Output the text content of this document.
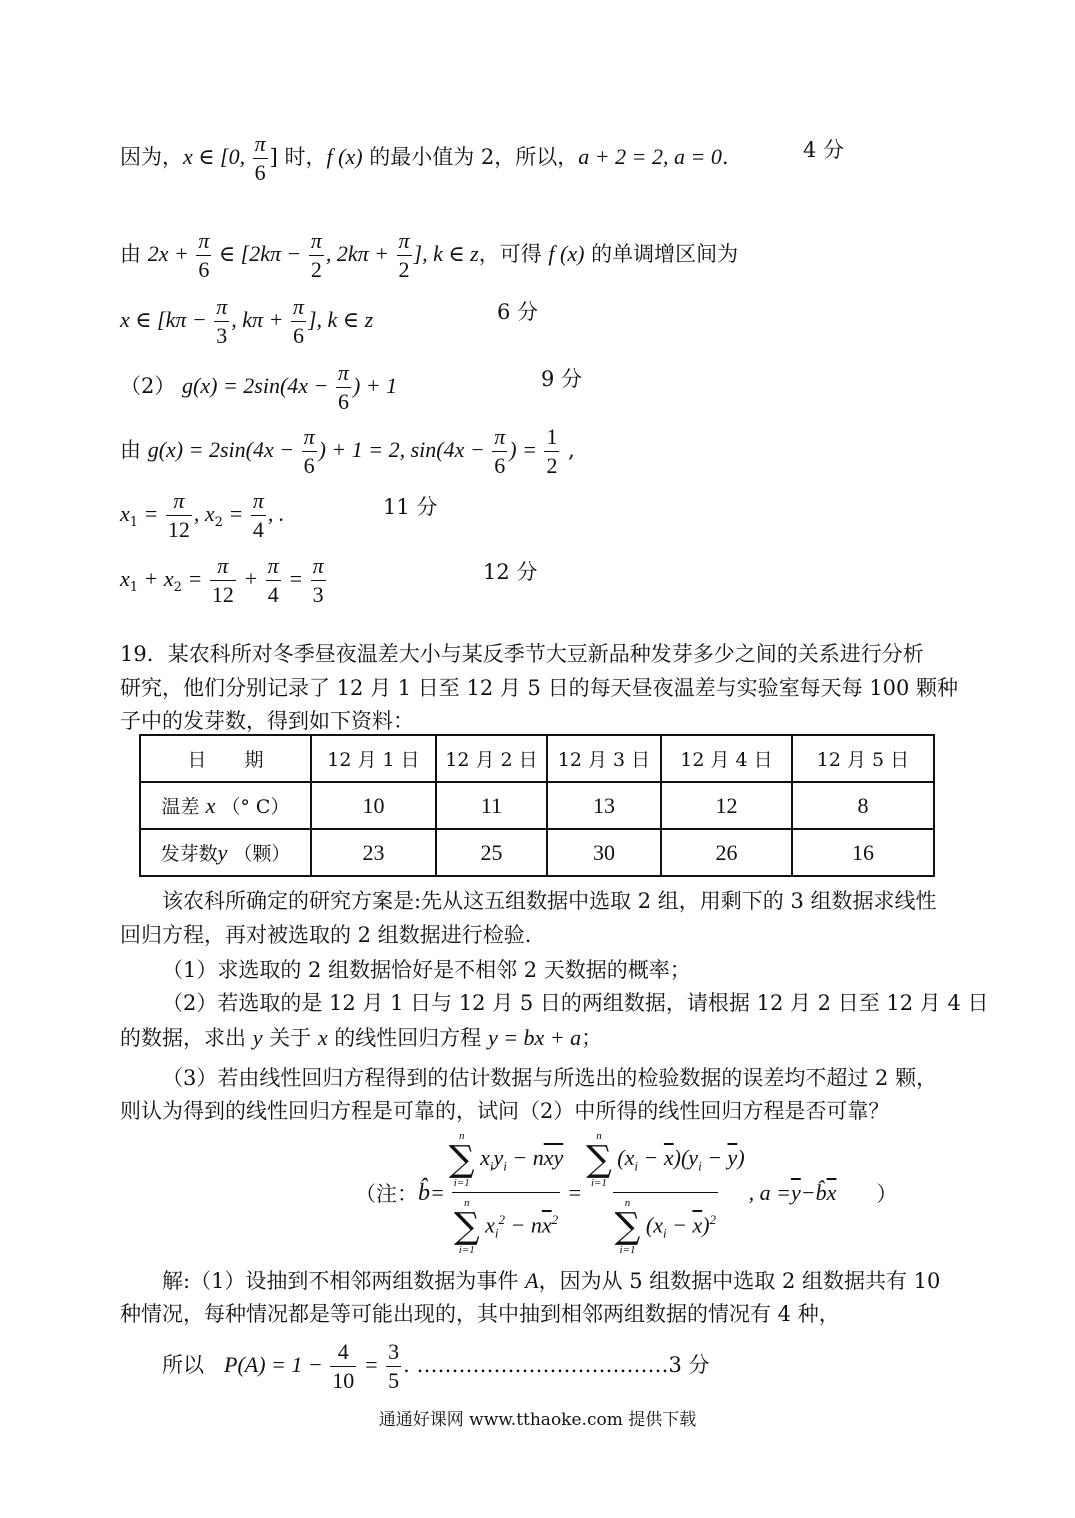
因为，x ∈ [0, $\frac{\pi}{6}$ ] 时，f (x) 的最小值为 2，所以，a + 2 = 2, a = 0.	4 分
由 $2x + \frac{\pi}{6}$ ∈ [$2k\pi - \frac{\pi}{2}$ , $2k\pi + \frac{\pi}{2}$ ], k ∈ z，可得 f (x) 的单调增区间为
x ∈ [$k\pi - \frac{\pi}{3}$ , $k\pi + \frac{\pi}{6}$ ], k ∈ z	6 分
（2） $g(x) = 2\sin(4x - \frac{\pi}{6}$ ) + 1	9 分
由 $g(x) = 2\sin(4x - \frac{\pi}{6}$ ) + 1 = 2, $\sin(4x - \frac{\pi}{6}$ ) = $\frac{1}{2}$ ,
$x_1 = \frac{\pi}{12}$ , $x_2 = \frac{\pi}{4}$ , .	11 分
$x_1 + x_2 = \frac{\pi}{12} + \frac{\pi}{4} = \frac{\pi}{3}$	12 分
19．某农科所对冬季昼夜温差大小与某反季节大豆新品种发芽多少之间的关系进行分析
研究，他们分别记录了 12 月 1 日至 12 月 5 日的每天昼夜温差与实验室每天每 100 颗种
子中的发芽数，得到如下资料：
日　　期	12 月 1 日	12 月 2 日	12 月 3 日	12 月 4 日	12 月 5 日
温差 x （° C）	10	11	13	12	8
发芽数y （颗）	23	25	30	26	16
该农科所确定的研究方案是:先从这五组数据中选取 2 组，用剩下的 3 组数据求线性
回归方程，再对被选取的 2 组数据进行检验.
（1）求选取的 2 组数据恰好是不相邻 2 天数据的概率；
（2）若选取的是 12 月 1 日与 12 月 5 日的两组数据，请根据 12 月 2 日至 12 月 4 日
的数据，求出 y 关于 x 的线性回归方程 y = bx + a；
（3）若由线性回归方程得到的估计数据与所选出的检验数据的误差均不超过 2 颗，
则认为得到的线性回归方程是可靠的，试问（2）中所得的线性回归方程是否可靠？
（注： b̂ = n
∑
i=1
$x_iy_i - n\overline{x}\overline{y}$
n
∑
i=1
$x_i^2 - n\overline{x}^2 = n$
∑
i=1
$(x_i - \overline{x})(y_i - \overline{y})$
n
∑
i=1
$(x_i - \overline{x})^2$ , $a = \overline{y}$ − b̂ $\overline{x}$ ）
解:（1）设抽到不相邻两组数据为事件 A，因为从 5 组数据中选取 2 组数据共有 10
种情况，每种情况都是等可能出现的，其中抽到相邻两组数据的情况有 4 种，
所以 $P(A) = 1 - \frac{4}{10} = \frac{3}{5}$ . ………………………………3 分
通通好课网 www.tthaoke.com 提供下载
